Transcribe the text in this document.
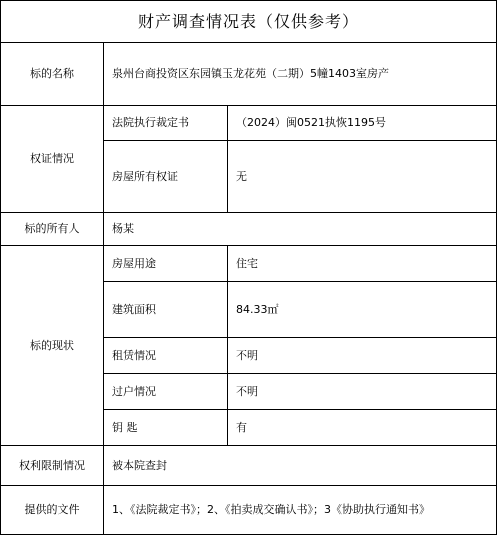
财产调查情况表（仅供参考）
标的名称	泉州台商投资区东园镇玉龙花苑（二期）5幢1403室房产
权证情况
法院执行裁定书	（2024）闽0521执恢1195号
房屋所有权证	无
标的所有人	杨某
标的现状
房屋用途	住宅
建筑面积	84.33㎡
租赁情况	不明
过户情况	不明
钥 匙	有
权利限制情况	被本院查封
提供的文件	1、《法院裁定书》；2、《拍卖成交确认书》；3《协助执行通知书》
